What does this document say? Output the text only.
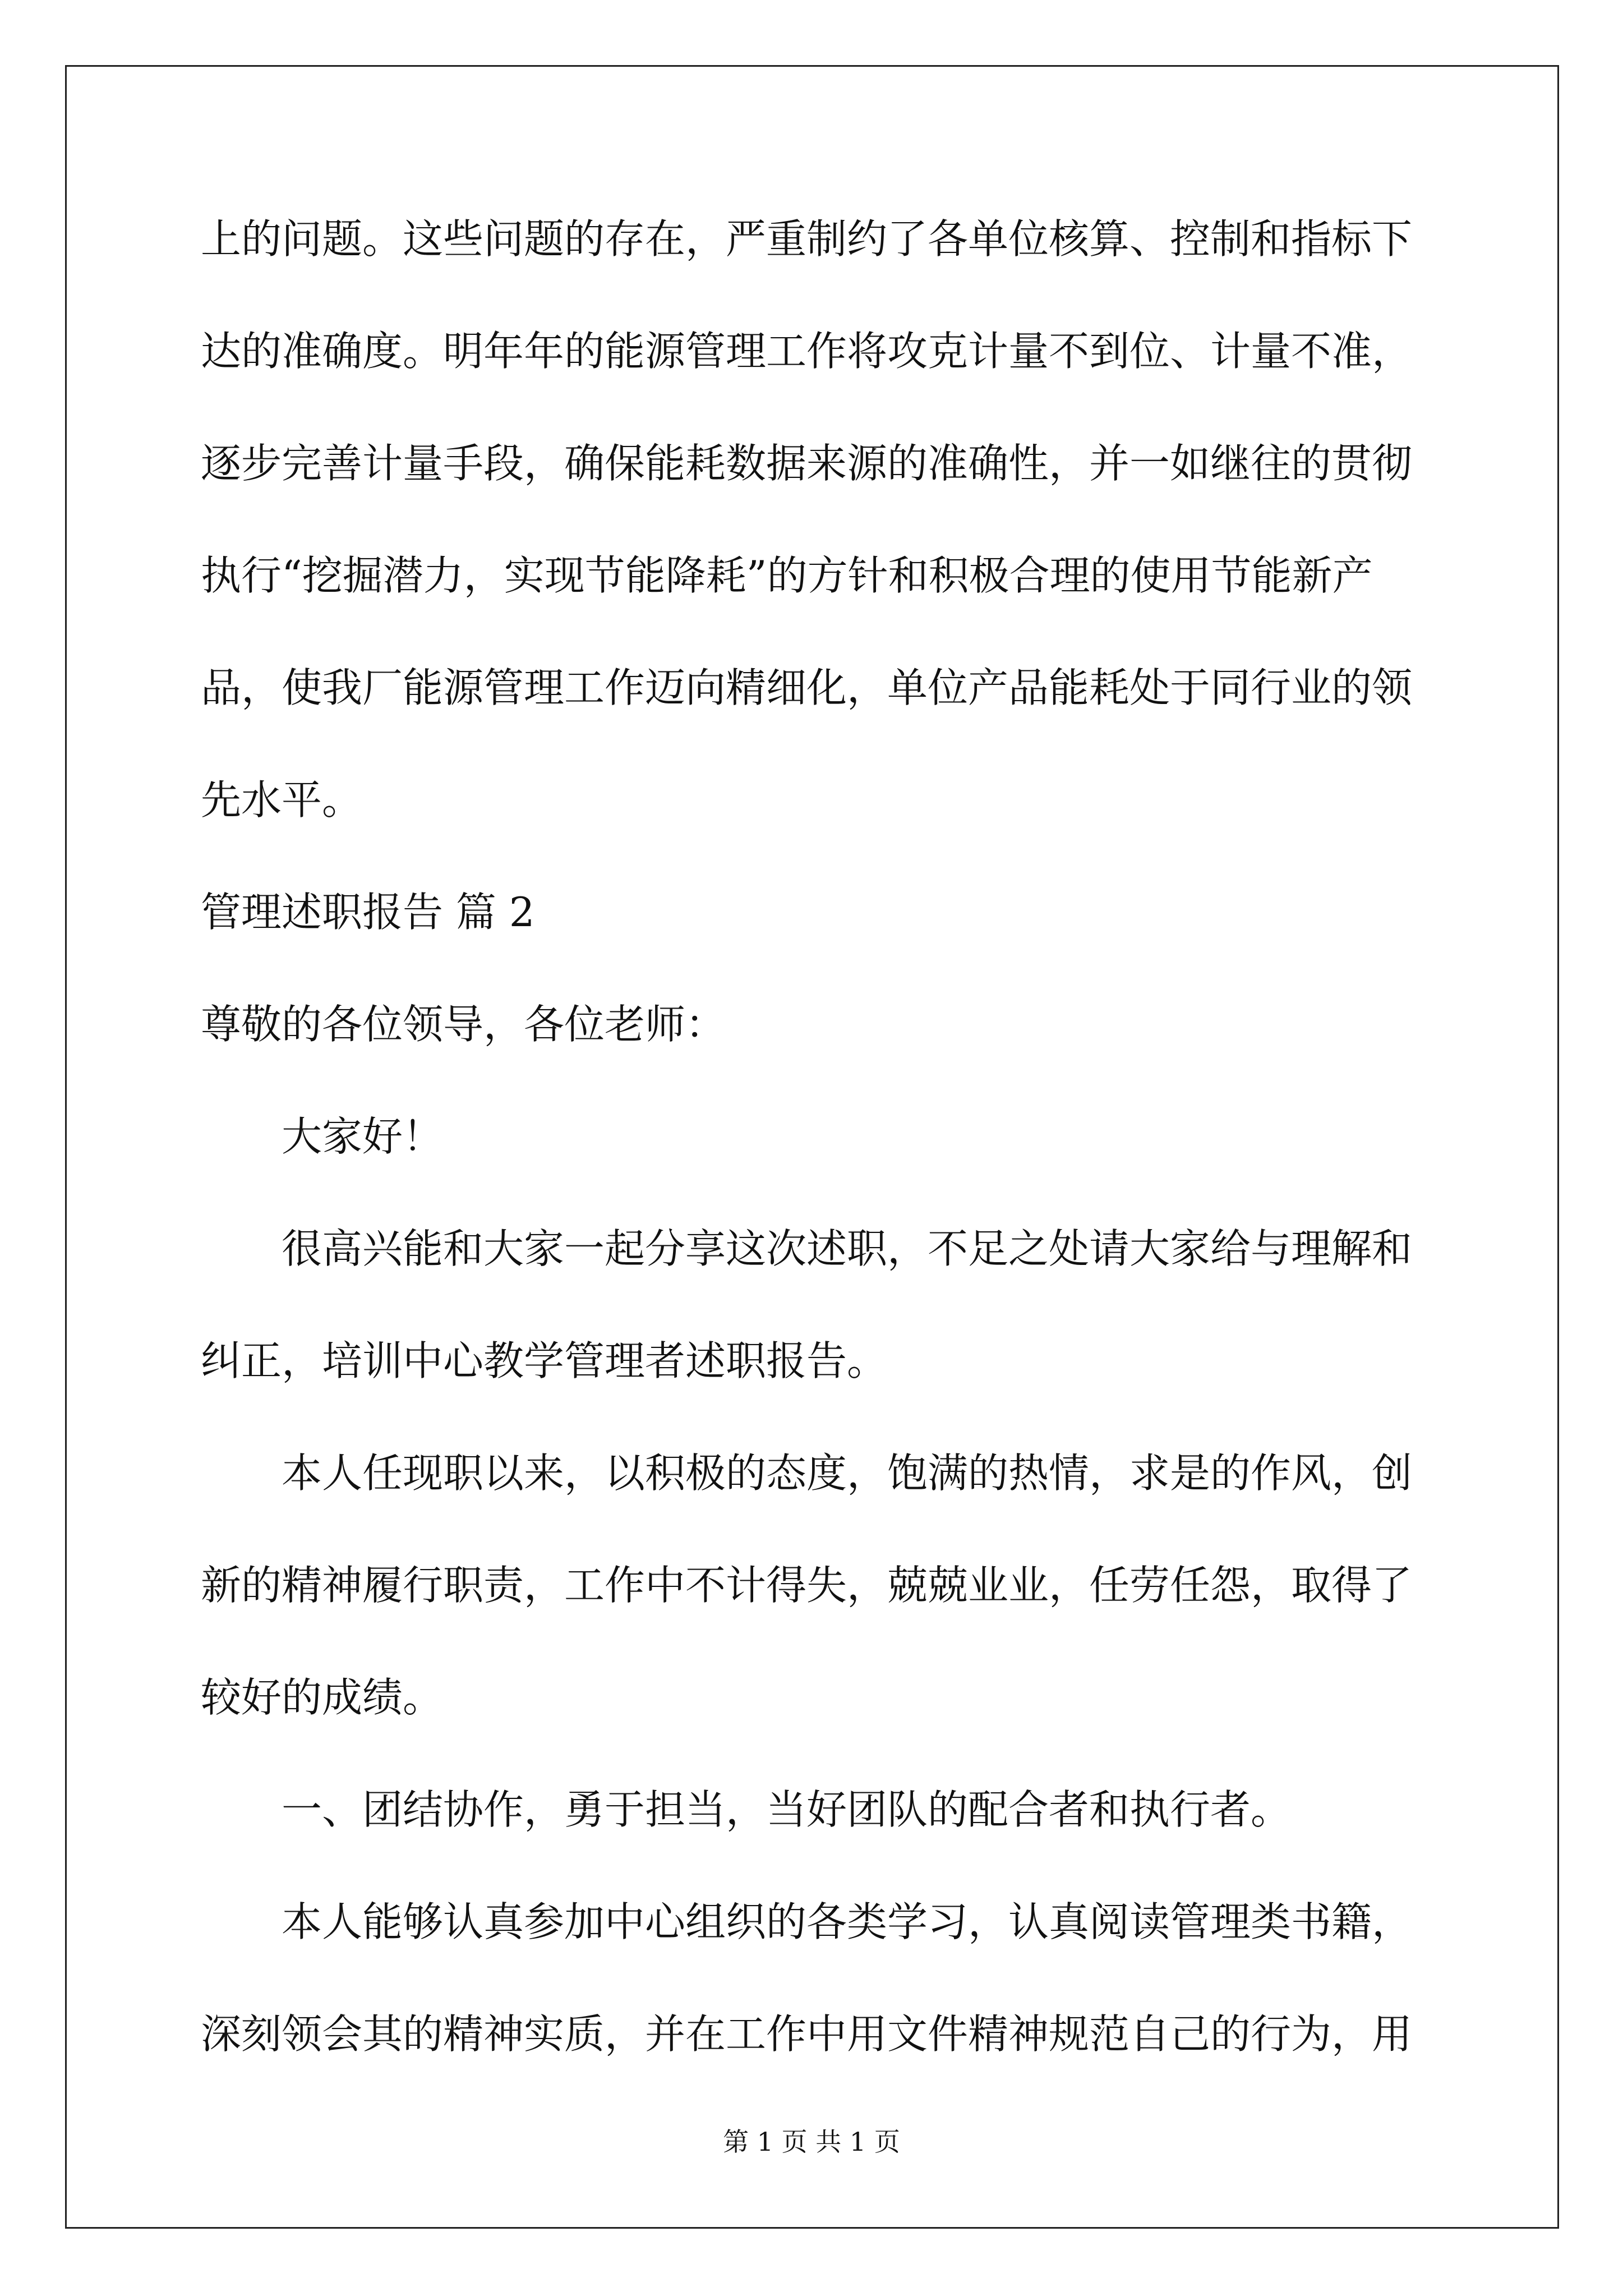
上的问题。这些问题的存在，严重制约了各单位核算、控制和指标下
达的准确度。明年年的能源管理工作将攻克计量不到位、计量不准，
逐步完善计量手段，确保能耗数据来源的准确性，并一如继往的贯彻
执行“挖掘潜力，实现节能降耗”的方针和积极合理的使用节能新产
品，使我厂能源管理工作迈向精细化，单位产品能耗处于同行业的领
先水平。
管理述职报告 篇 2
尊敬的各位领导，各位老师：
大家好！
很高兴能和大家一起分享这次述职，不足之处请大家给与理解和
纠正，培训中心教学管理者述职报告。
本人任现职以来，以积极的态度，饱满的热情，求是的作风，创
新的精神履行职责，工作中不计得失，兢兢业业，任劳任怨，取得了
较好的成绩。
一、团结协作，勇于担当，当好团队的配合者和执行者。
本人能够认真参加中心组织的各类学习，认真阅读管理类书籍，
深刻领会其的精神实质，并在工作中用文件精神规范自己的行为，用
第 1 页 共 1 页
